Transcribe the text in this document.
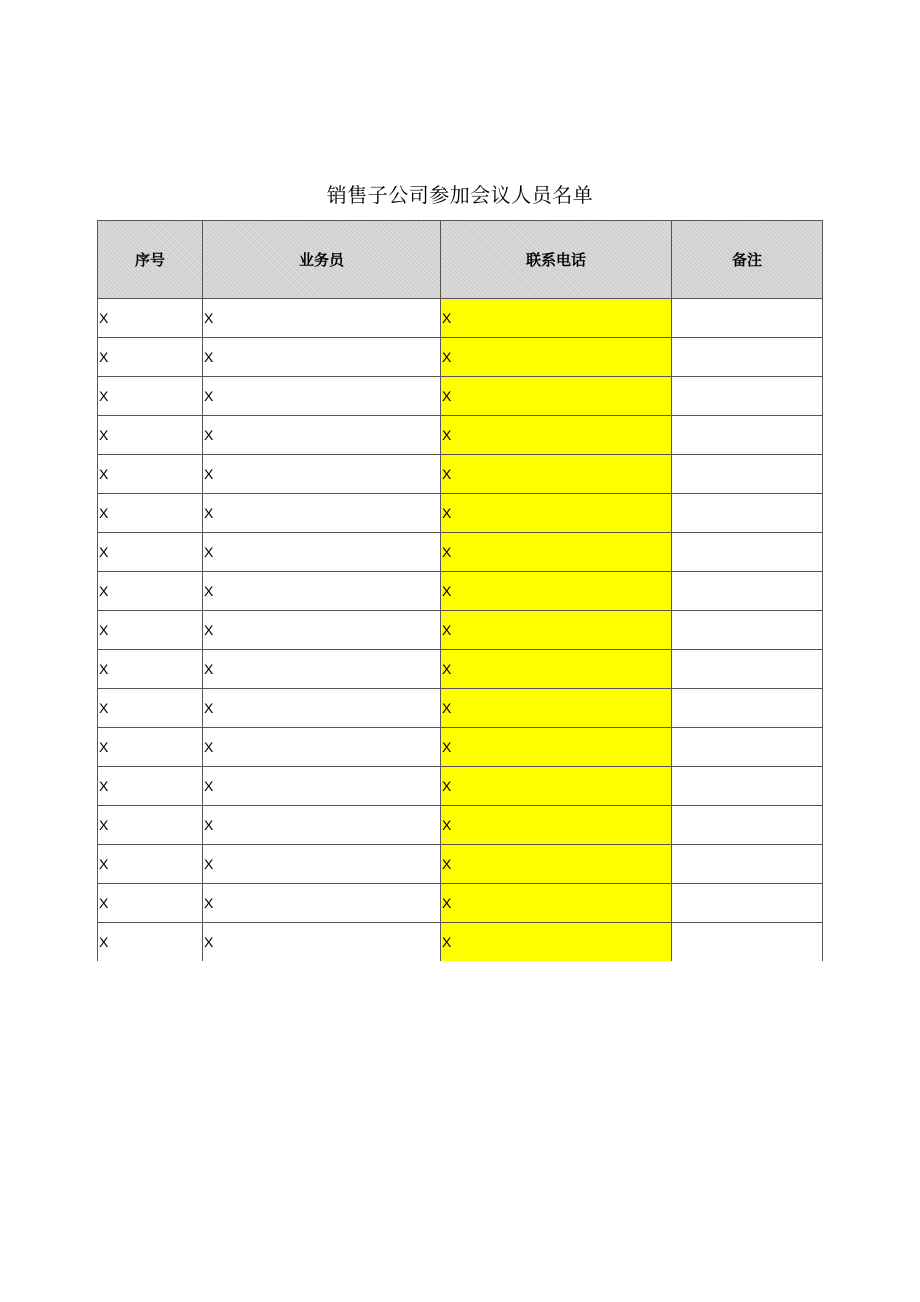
销售子公司参加会议人员名单
序号	业务员	联系电话	备注
X	X	X	
X	X	X	
X	X	X	
X	X	X	
X	X	X	
X	X	X	
X	X	X	
X	X	X	
X	X	X	
X	X	X	
X	X	X	
X	X	X	
X	X	X	
X	X	X	
X	X	X	
X	X	X	
X	X	X	
